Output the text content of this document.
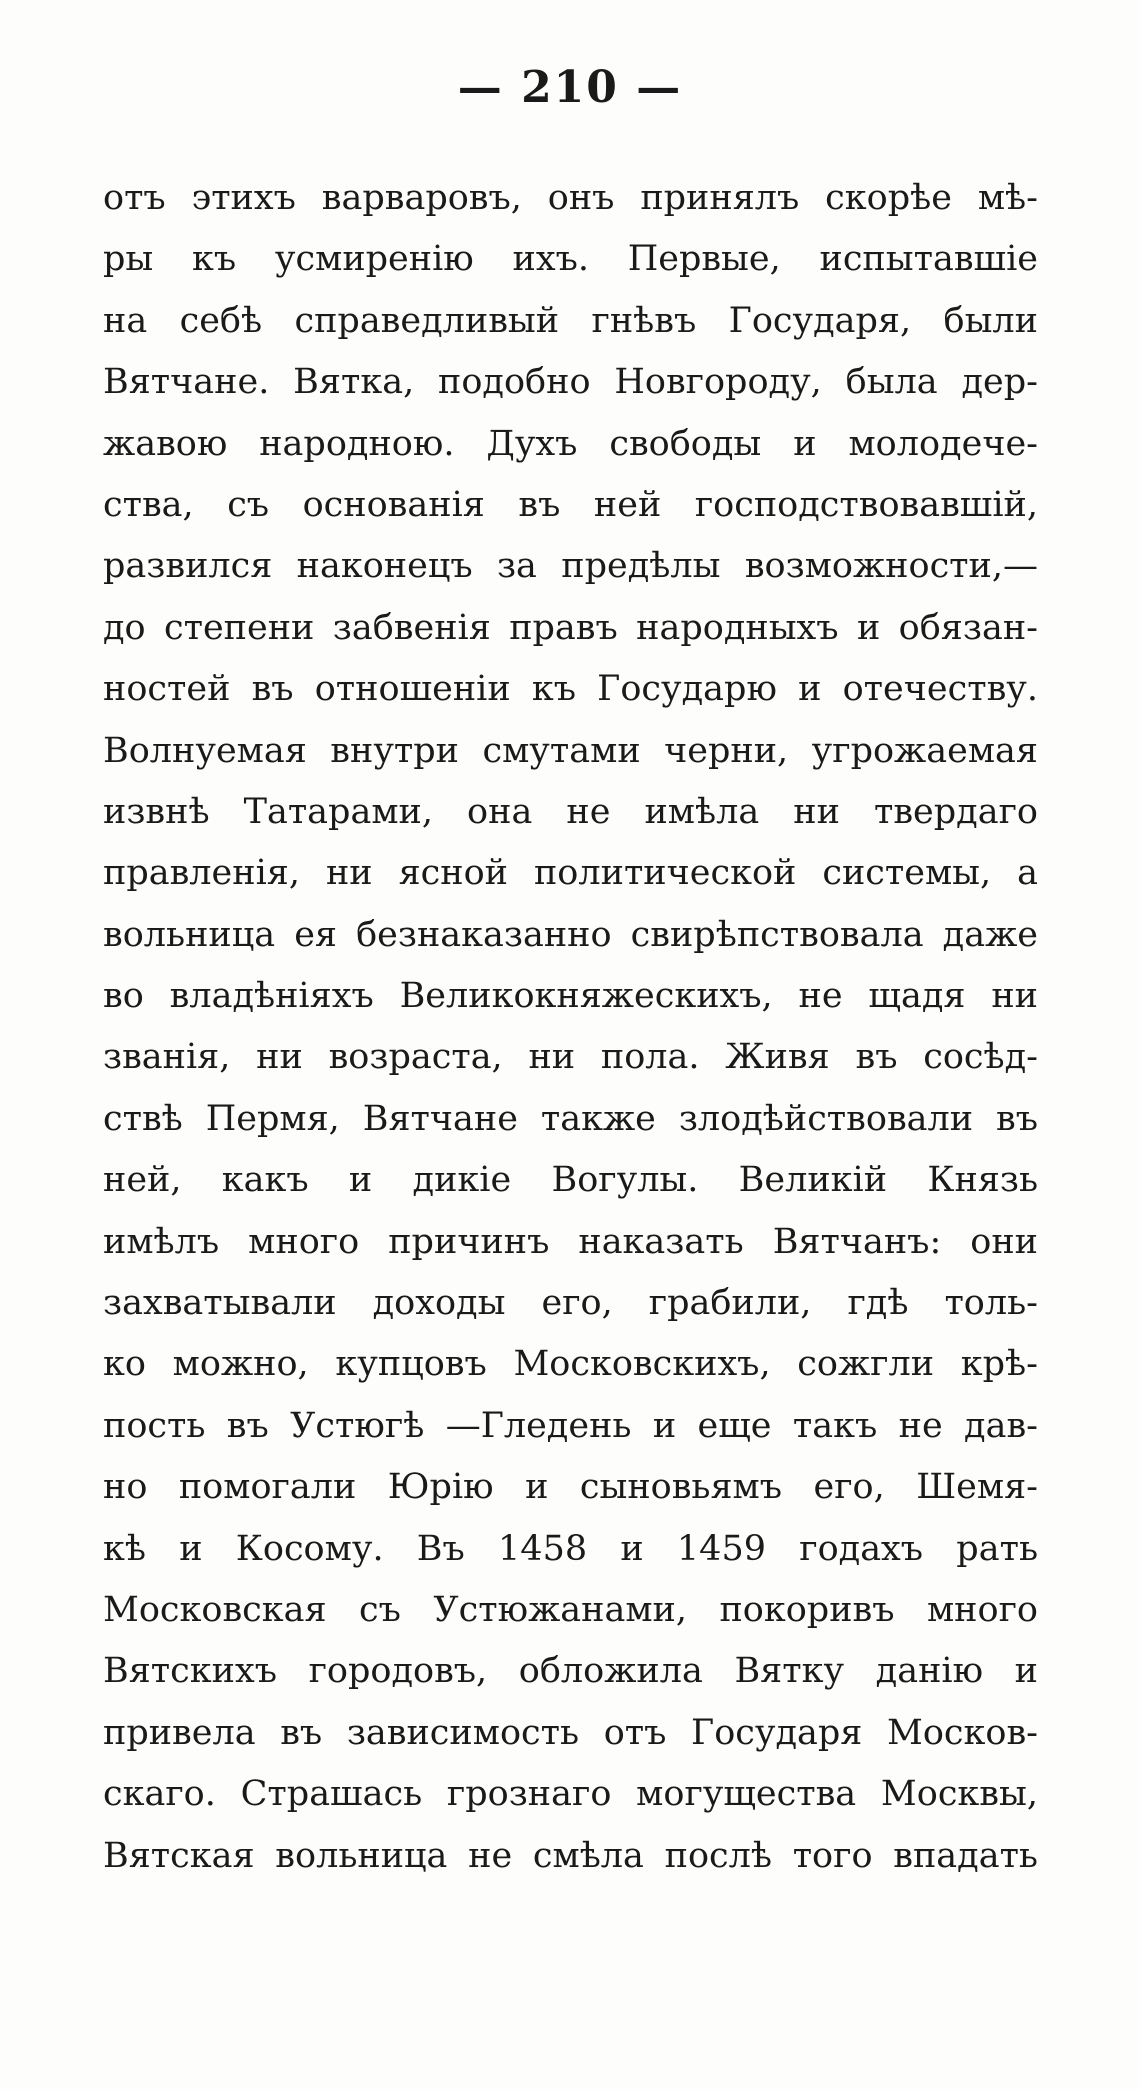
— 210 —
отъ этихъ варваровъ, онъ принялъ скорѣе мѣ-
ры къ усмиренію ихъ. Первые, испытавшіе
на себѣ справедливый гнѣвъ Государя, были
Вятчане. Вятка, подобно Новгороду, была дер-
жавою народною. Духъ свободы и молодече-
ства, съ основанія въ ней господствовавшій,
развился наконецъ за предѣлы возможности,—
до степени забвенія правъ народныхъ и обязан-
ностей въ отношеніи къ Государю и отечеству.
Волнуемая внутри смутами черни, угрожаемая
извнѣ Татарами, она не имѣла ни твердаго
правленія, ни ясной политической системы, а
вольница ея безнаказанно свирѣпствовала даже
во владѣніяхъ Великокняжескихъ, не щадя ни
званія, ни возраста, ни пола. Живя въ сосѣд-
ствѣ Пермя, Вятчане также злодѣйствовали въ
ней, какъ и дикіе Вогулы. Великій Князь
имѣлъ много причинъ наказать Вятчанъ: они
захватывали доходы его, грабили, гдѣ толь-
ко можно, купцовъ Московскихъ, сожгли крѣ-
пость въ Устюгѣ —Гледень и еще такъ не дав-
но помогали Юрію и сыновьямъ его, Шемя-
кѣ и Косому. Въ 1458 и 1459 годахъ рать
Московская съ Устюжанами, покоривъ много
Вятскихъ городовъ, обложила Вятку данію и
привела въ зависимость отъ Государя Москов-
скаго. Страшась грознаго могущества Москвы,
Вятская вольница не смѣла послѣ того впадать
